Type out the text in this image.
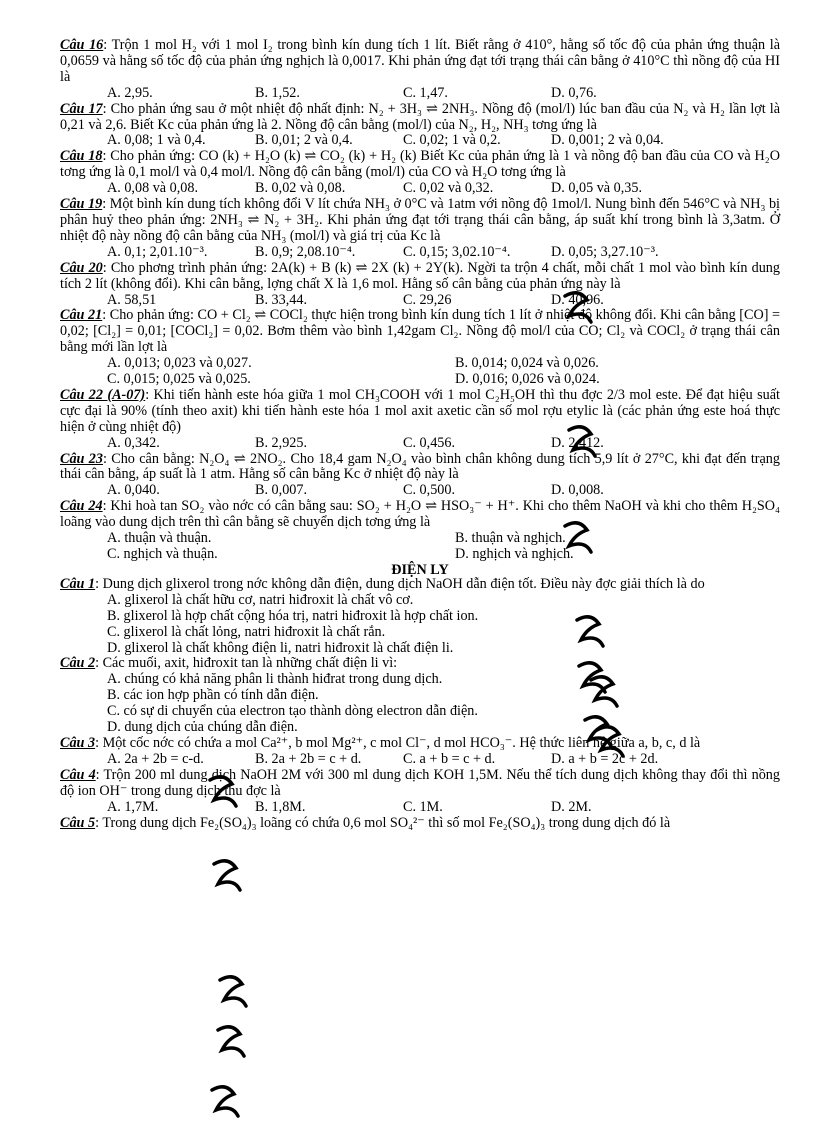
Câu 16: Trộn 1 mol H₂ với 1 mol I₂ trong bình kín dung tích 1 lít. Biết rằng ở 410°, hằng số tốc độ của phản ứng thuận là 0,0659 và hằng số tốc độ của phản ứng nghịch là 0,0017. Khi phản ứng đạt tới trạng thái cân bằng ở 410°C thì nồng độ của HI là

A. 2,95.	B. 1,52.	C. 1,47.	D. 0,76.

Câu 17: Cho phản ứng sau ở một nhiệt độ nhất định: N₂ + 3H₃ ⇌ 2NH₃. Nồng độ (mol/l) lúc ban đầu của N₂ và H₂ lần lợt là 0,21 và 2,6. Biết Kc của phản ứng là 2. Nồng độ cân bằng (mol/l) của N₂, H₂, NH₃ tơng ứng là

A. 0,08; 1 và 0,4.	B. 0,01; 2 và 0,4.	C. 0,02; 1 và 0,2.	D. 0,001; 2 và 0,04.

Câu 18: Cho phản ứng: CO (k) + H₂O (k) ⇌ CO₂ (k) + H₂ (k) Biết Kc của phản ứng là 1 và nồng độ ban đầu của CO và H₂O tơng ứng là 0,1 mol/l và 0,4 mol/l. Nồng độ cân bằng (mol/l) của CO và H₂O tơng ứng là

A. 0,08 và 0,08.	B. 0,02 và 0,08.	C. 0,02 và 0,32.	D. 0,05 và 0,35.

Câu 19: Một bình kín dung tích không đổi V lít chứa NH₃ ở 0°C và 1atm với nồng độ 1mol/l. Nung bình đến 546°C và NH₃ bị phân huỷ theo phản ứng: 2NH₃ ⇌ N₂ + 3H₂. Khi phản ứng đạt tới trạng thái cân bằng, áp suất khí trong bình là 3,3atm. Ở nhiệt độ này nồng độ cân bằng của NH₃ (mol/l) và giá trị của Kc là

A. 0,1; 2,01.10⁻³.	B. 0,9; 2,08.10⁻⁴.	C. 0,15; 3,02.10⁻⁴.	D. 0,05; 3,27.10⁻³.

Câu 20: Cho phơng trình phản ứng: 2A(k) + B (k) ⇌ 2X (k) + 2Y(k). Ngời ta trộn 4 chất, mỗi chất 1 mol vào bình kín dung tích 2 lít (không đổi). Khi cân bằng, lợng chất X là 1,6 mol. Hằng số cân bằng của phản ứng này là

A. 58,51	B. 33,44.	C. 29,26	D. 40,96.

Câu 21: Cho phản ứng: CO + Cl₂ ⇌ COCl₂ thực hiện trong bình kín dung tích 1 lít ở nhiệt độ không đổi. Khi cân bằng [CO] = 0,02; [Cl₂] = 0,01; [COCl₂] = 0,02. Bơm thêm vào bình 1,42gam Cl₂. Nồng độ mol/l của CO; Cl₂ và COCl₂ ở trạng thái cân bằng mới lần lợt là

A. 0,013; 0,023 và 0,027.	B. 0,014; 0,024 và 0,026.
C. 0,015; 0,025 và 0,025.	D. 0,016; 0,026 và 0,024.

Câu 22 (A-07): Khi tiến hành este hóa giữa 1 mol CH₃COOH với 1 mol C₂H₅OH thì thu đợc 2/3 mol este. Để đạt hiệu suất cực đại là 90% (tính theo axit) khi tiến hành este hóa 1 mol axit axetic cần số mol rợu etylic là (các phản ứng este hoá thực hiện ở cùng nhiệt độ)

A. 0,342.	B. 2,925.	C. 0,456.	D. 2,412.

Câu 23: Cho cân bằng: N₂O₄ ⇌ 2NO₂. Cho 18,4 gam N₂O₄ vào bình chân không dung tích 5,9 lít ở 27°C, khi đạt đến trạng thái cân bằng, áp suất là 1 atm. Hằng số cân bằng Kc ở nhiệt độ này là

A. 0,040.	B. 0,007.	C. 0,500.	D. 0,008.

Câu 24: Khi hoà tan SO₂ vào nớc có cân bằng sau: SO₂ + H₂O ⇌ HSO₃⁻ + H⁺. Khi cho thêm NaOH và khi cho thêm H₂SO₄ loãng vào dung dịch trên thì cân bằng sẽ chuyển dịch tơng ứng là

A. thuận và thuận.	B. thuận và nghịch.
C. nghịch và thuận.	D. nghịch và nghịch.
ĐIỆN LY

Câu 1: Dung dịch glixerol trong nớc không dẫn điện, dung dịch NaOH dẫn điện tốt. Điều này đợc giải thích là do

A. glixerol là chất hữu cơ, natri hiđroxit là chất vô cơ.
B. glixerol là hợp chất cộng hóa trị, natri hiđroxit là hợp chất ion.
C. glixerol là chất lỏng, natri hiđroxit là chất rắn.
D. glixerol là chất không điện li, natri hiđroxit là chất điện li.

Câu 2: Các muối, axit, hiđroxit tan là những chất điện li vì:

A. chúng có khả năng phân li thành hiđrat trong dung dịch.
B. các ion hợp phần có tính dẫn điện.
C. có sự di chuyển của electron tạo thành dòng electron dẫn điện.
D. dung dịch của chúng dẫn điện.

Câu 3: Một cốc nớc có chứa a mol Ca²⁺, b mol Mg²⁺, c mol Cl⁻, d mol HCO₃⁻. Hệ thức liên hệ giữa a, b, c, d là

A. 2a + 2b = c-d.	B. 2a + 2b = c + d.	C. a + b = c + d.	D. a + b = 2c + 2d.

Câu 4: Trộn 200 ml dung dịch NaOH 2M với 300 ml dung dịch KOH 1,5M. Nếu thể tích dung dịch không thay đổi thì nồng độ ion OH⁻ trong dung dịch thu đợc là

A. 1,7M.	B. 1,8M.	C. 1M.	D. 2M.

Câu 5: Trong dung dịch Fe₂(SO₄)₃ loãng có chứa 0,6 mol SO₄²⁻ thì số mol Fe₂(SO₄)₃ trong dung dịch đó là
